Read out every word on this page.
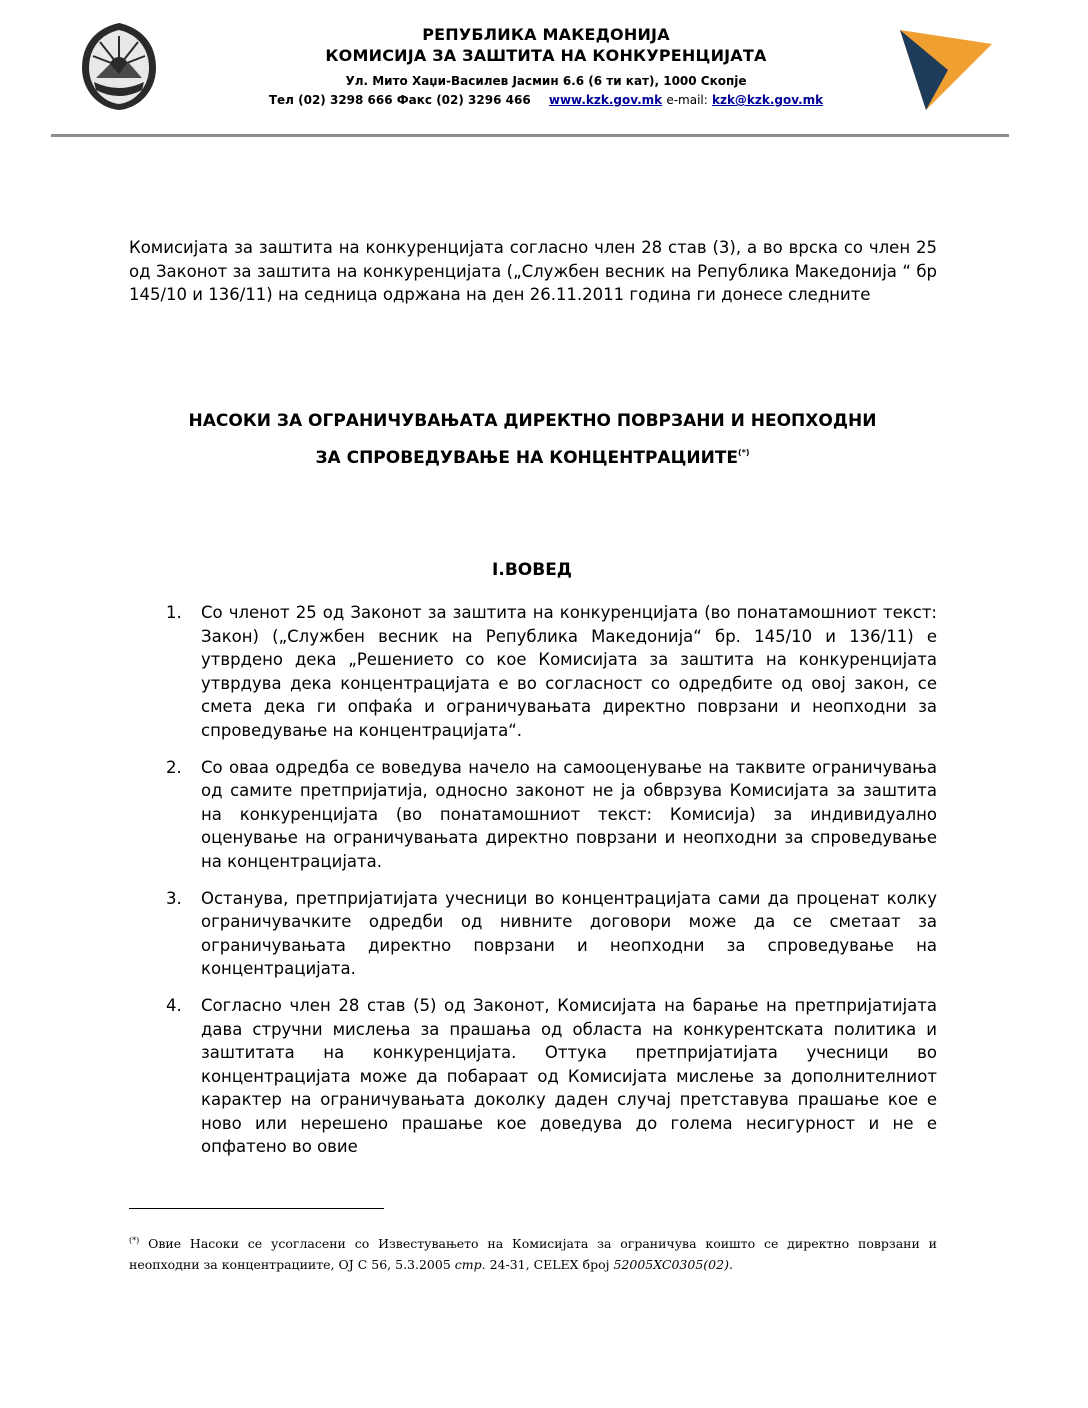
РЕПУБЛИКА МАКЕДОНИЈА
КОМИСИЈА ЗА ЗАШТИТА НА КОНКУРЕНЦИЈАТА
Ул. Мито Хаџи-Василев Јасмин 6.6 (6 ти кат), 1000 Скопје
Тел (02) 3298 666 Факс (02) 3296 466 www.kzk.gov.mk e-mail: kzk@kzk.gov.mk
Комисијата за заштита на конкуренцијата согласно член 28 став (3), а во врска со член 25 од Законот за заштита на конкуренцијата („Службен весник на Република Македонија “ бр 145/10 и 136/11) на седница одржана на ден 26.11.2011 година ги донесе следните
НАСОКИ ЗА ОГРАНИЧУВАЊАТА ДИРЕКТНО ПОВРЗАНИ И НЕОПХОДНИ
ЗА СПРОВЕДУВАЊЕ НА КОНЦЕНТРАЦИИТЕ(*)
I.ВОВЕД
1.	Со членот 25 од Законот за заштита на конкуренцијата (во понатамошниот текст: Закон) („Службен весник на Република Македонија“ бр. 145/10 и 136/11) е утврдено дека „Решението со кое Комисијата за заштита на конкуренцијата утврдува дека концентрацијата е во согласност со одредбите од овој закон, се смета дека ги опфаќа и ограничувањата директно поврзани и неопходни за спроведување на концентрацијата“.
2.	Со оваа одредба се воведува начело на самооценување на таквите ограничувања од самите претпријатија, односно законот не ја обврзува Комисијата за заштита на конкуренцијата (во понатамошниот текст: Комисија) за индивидуално оценување на ограничувањата директно поврзани и неопходни за спроведување на концентрацијата.
3.	Останува, претпријатијата учесници во концентрацијата сами да проценат колку ограничувачките одредби од нивните договори може да се сметаат за ограничувањата директно поврзани и неопходни за спроведување на концентрацијата.
4.	Согласно член 28 став (5) од Законот, Комисијата на барање на претпријатијата дава стручни мислења за прашања од областа на конкурентската политика и заштитата на конкуренцијата. Оттука претпријатијата учесници во концентрацијата може да побараат од Комисијата мислење за дополнителниот карактер на ограничувањата доколку даден случај претставува прашање кое е ново или нерешено прашање кое доведува до голема несигурност и не е опфатено во овие
(*) Овие Насоки се усогласени со Известувањето на Комисијата за ограничува коишто се директно поврзани и неопходни за концентрациите, OJ C 56, 5.3.2005 стр. 24-31, CELEX број 52005XC0305(02).
